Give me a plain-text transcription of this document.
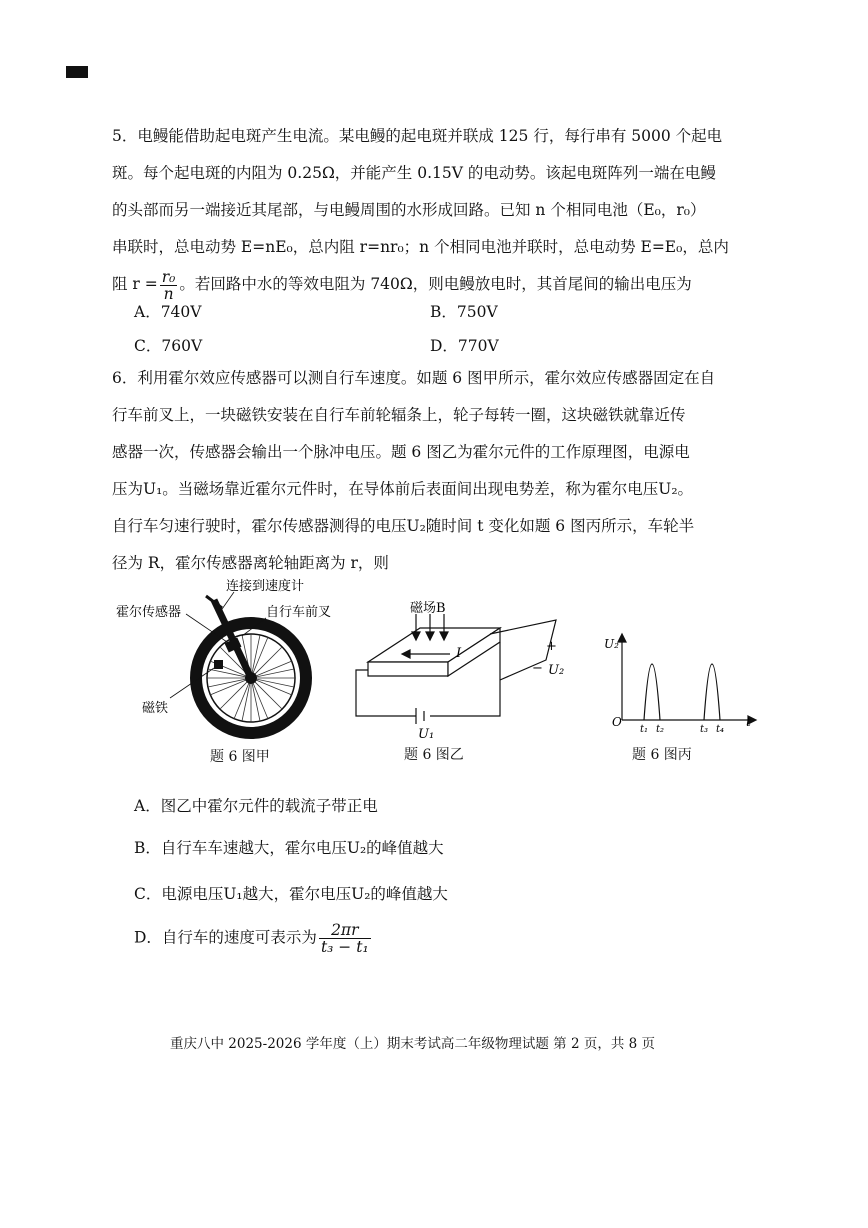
5．电鳗能借助起电斑产生电流。某电鳗的起电斑并联成 125 行，每行串有 5000 个起电
斑。每个起电斑的内阻为 0.25Ω，并能产生 0.15V 的电动势。该起电斑阵列一端在电鳗
的头部而另一端接近其尾部，与电鳗周围的水形成回路。已知 n 个相同电池（E₀，r₀）
串联时，总电动势 E=nE₀，总内阻 r=nr₀；n 个相同电池并联时，总电动势 E=E₀，总内
阻 $r = \frac{\text{r₀}}{n}$ 。若回路中水的等效电阻为 740Ω，则电鳗放电时，其首尾间的输出电压为
A．740V	B．750V
C．760V	D．770V
6．利用霍尔效应传感器可以测自行车速度。如题 6 图甲所示，霍尔效应传感器固定在自
行车前叉上，一块磁铁安装在自行车前轮辐条上，轮子每转一圈，这块磁铁就靠近传
感器一次，传感器会输出一个脉冲电压。题 6 图乙为霍尔元件的工作原理图，电源电
压为U₁。当磁场靠近霍尔元件时，在导体前后表面间出现电势差，称为霍尔电压U₂。
自行车匀速行驶时，霍尔传感器测得的电压U₂随时间 t 变化如题 6 图丙所示，车轮半
径为 R，霍尔传感器离轮轴距离为 r，则
霍尔传感器
连接到速度计
自行车前叉
磁铁
题 6 图甲
磁场B
I	+
− U₂
U₁
题 6 图乙
U₂
O	t
t₁ t₂	t₃ t₄
题 6 图丙
A．图乙中霍尔元件的载流子带正电
B．自行车车速越大，霍尔电压U₂的峰值越大
C．电源电压U₁越大，霍尔电压U₂的峰值越大
D．自行车的速度可表示为 $\frac{2\pi r}{\text{t₃ − t₁}}$
重庆八中 2025-2026 学年度（上）期末考试高二年级物理试题 第 2 页，共 8 页
